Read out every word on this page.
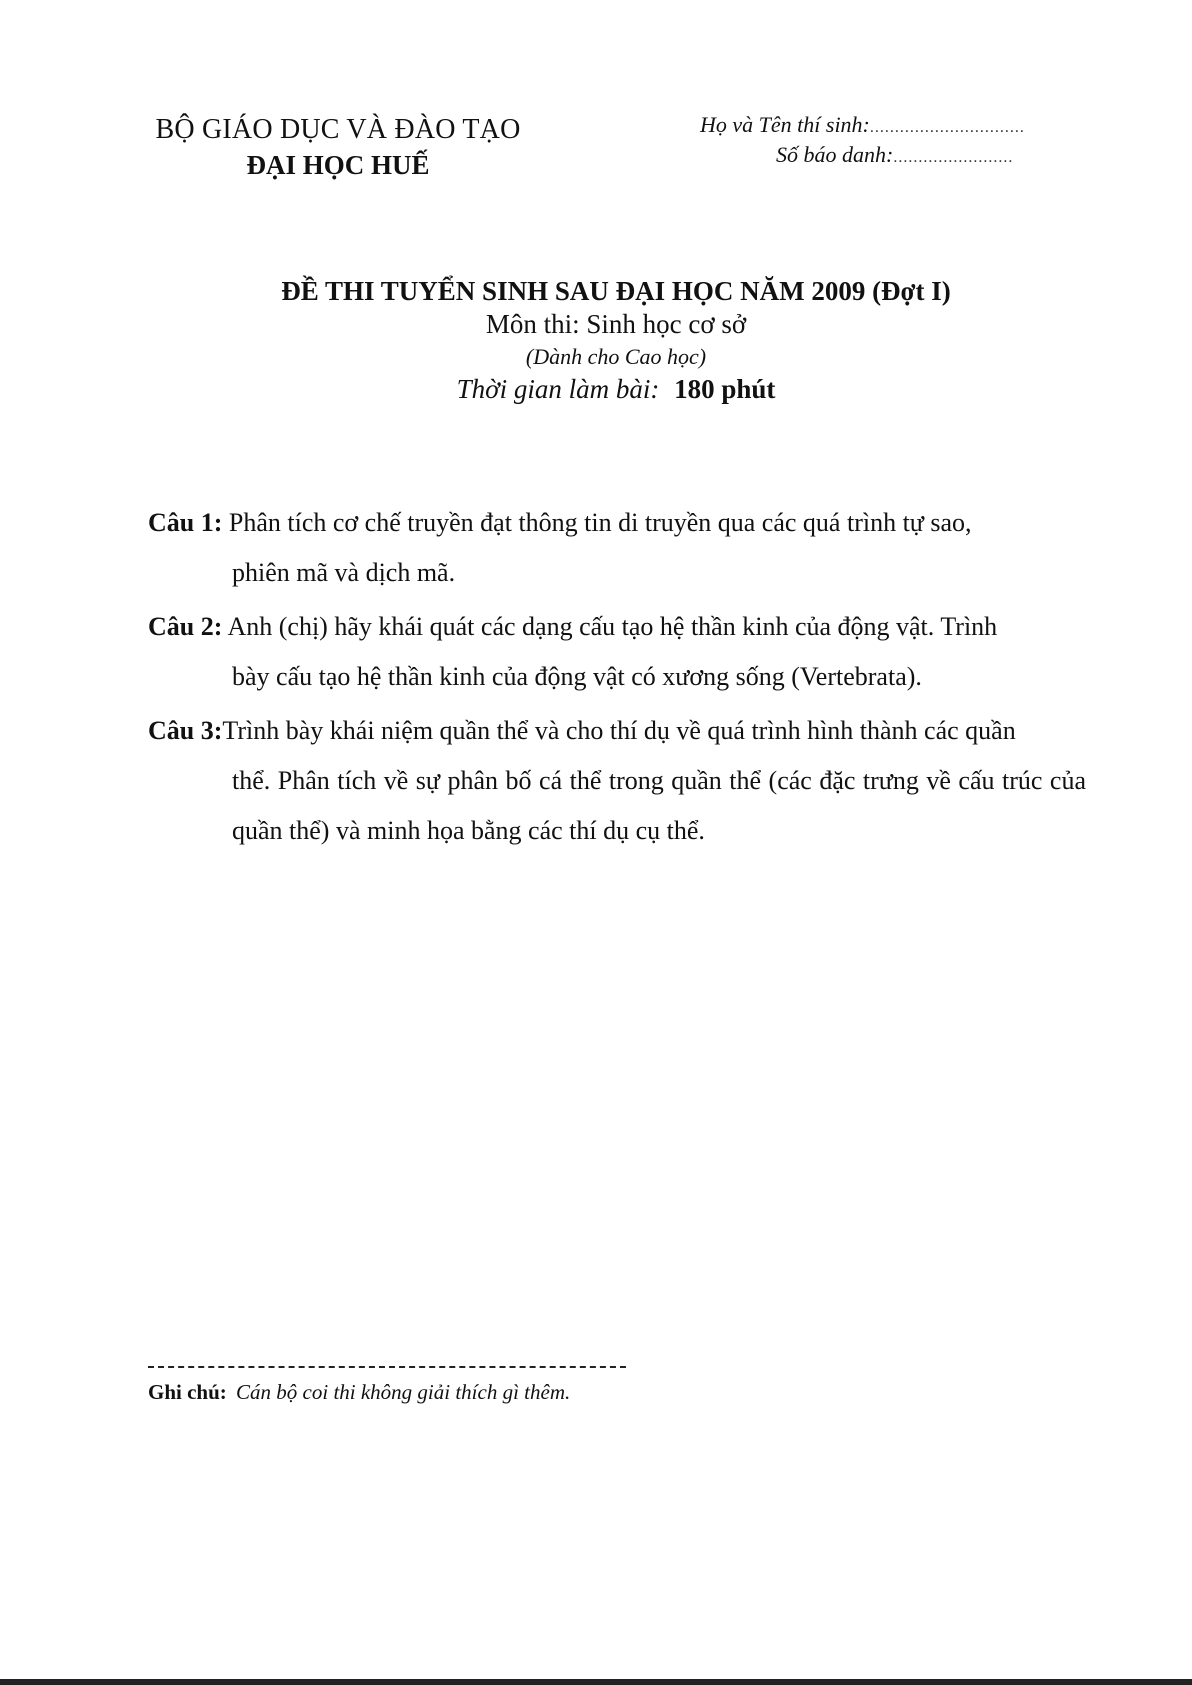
BỘ GIÁO DỤC VÀ ĐÀO TẠO
ĐẠI HỌC HUẾ
Họ và Tên thí sinh: ...............................
Số báo danh: ........................
ĐỀ THI TUYỂN SINH SAU ĐẠI HỌC NĂM 2009 (Đợt I)
Môn thi: Sinh học cơ sở
(Dành cho Cao học)
Thời gian làm bài: 180 phút
Câu 1: Phân tích cơ chế truyền đạt thông tin di truyền qua các quá trình tự sao,
phiên mã và dịch mã.
Câu 2: Anh (chị) hãy khái quát các dạng cấu tạo hệ thần kinh của động vật. Trình
bày cấu tạo hệ thần kinh của động vật có xương sống (Vertebrata).
Câu 3:Trình bày khái niệm quần thể và cho thí dụ về quá trình hình thành các quần
thể. Phân tích về sự phân bố cá thể trong quần thể (các đặc trưng về cấu trúc của quần thể) và minh họa bằng các thí dụ cụ thể.
Ghi chú: Cán bộ coi thi không giải thích gì thêm.
